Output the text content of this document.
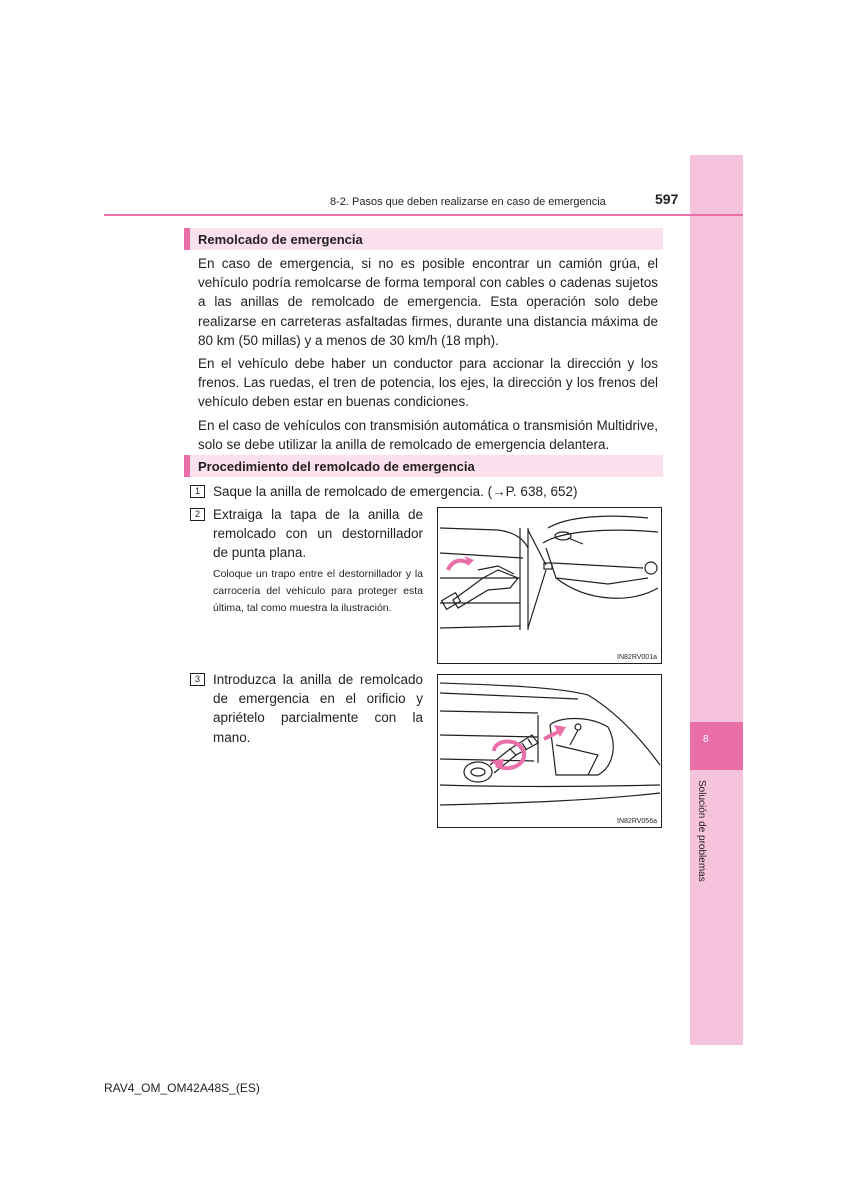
8
Solución de problemas
8-2. Pasos que deben realizarse en caso de emergencia	597
Remolcado de emergencia

En caso de emergencia, si no es posible encontrar un camión grúa, el vehículo podría remolcarse de forma temporal con cables o cadenas sujetos a las anillas de remolcado de emergencia. Esta operación solo debe realizarse en carreteras asfaltadas firmes, durante una distancia máxima de 80 km (50 millas) y a menos de 30 km/h (18 mph).

En el vehículo debe haber un conductor para accionar la dirección y los frenos. Las ruedas, el tren de potencia, los ejes, la dirección y los frenos del vehículo deben estar en buenas condiciones.

En el caso de vehículos con transmisión automática o transmisión Multidrive, solo se debe utilizar la anilla de remolcado de emergencia delantera.

Procedimiento del remolcado de emergencia
1 Saque la anilla de remolcado de emergencia. (→P. 638, 652)
2 Extraiga la tapa de la anilla de remolcado con un destornillador de punta plana.
Coloque un trapo entre el destornillador y la carrocería del vehículo para proteger esta última, tal como muestra la ilustración.
IN82RV001a
3 Introduzca la anilla de remolcado de emergencia en el orificio y apriételo parcialmente con la mano.
IN82RV056a
RAV4_OM_OM42A48S_(ES)
